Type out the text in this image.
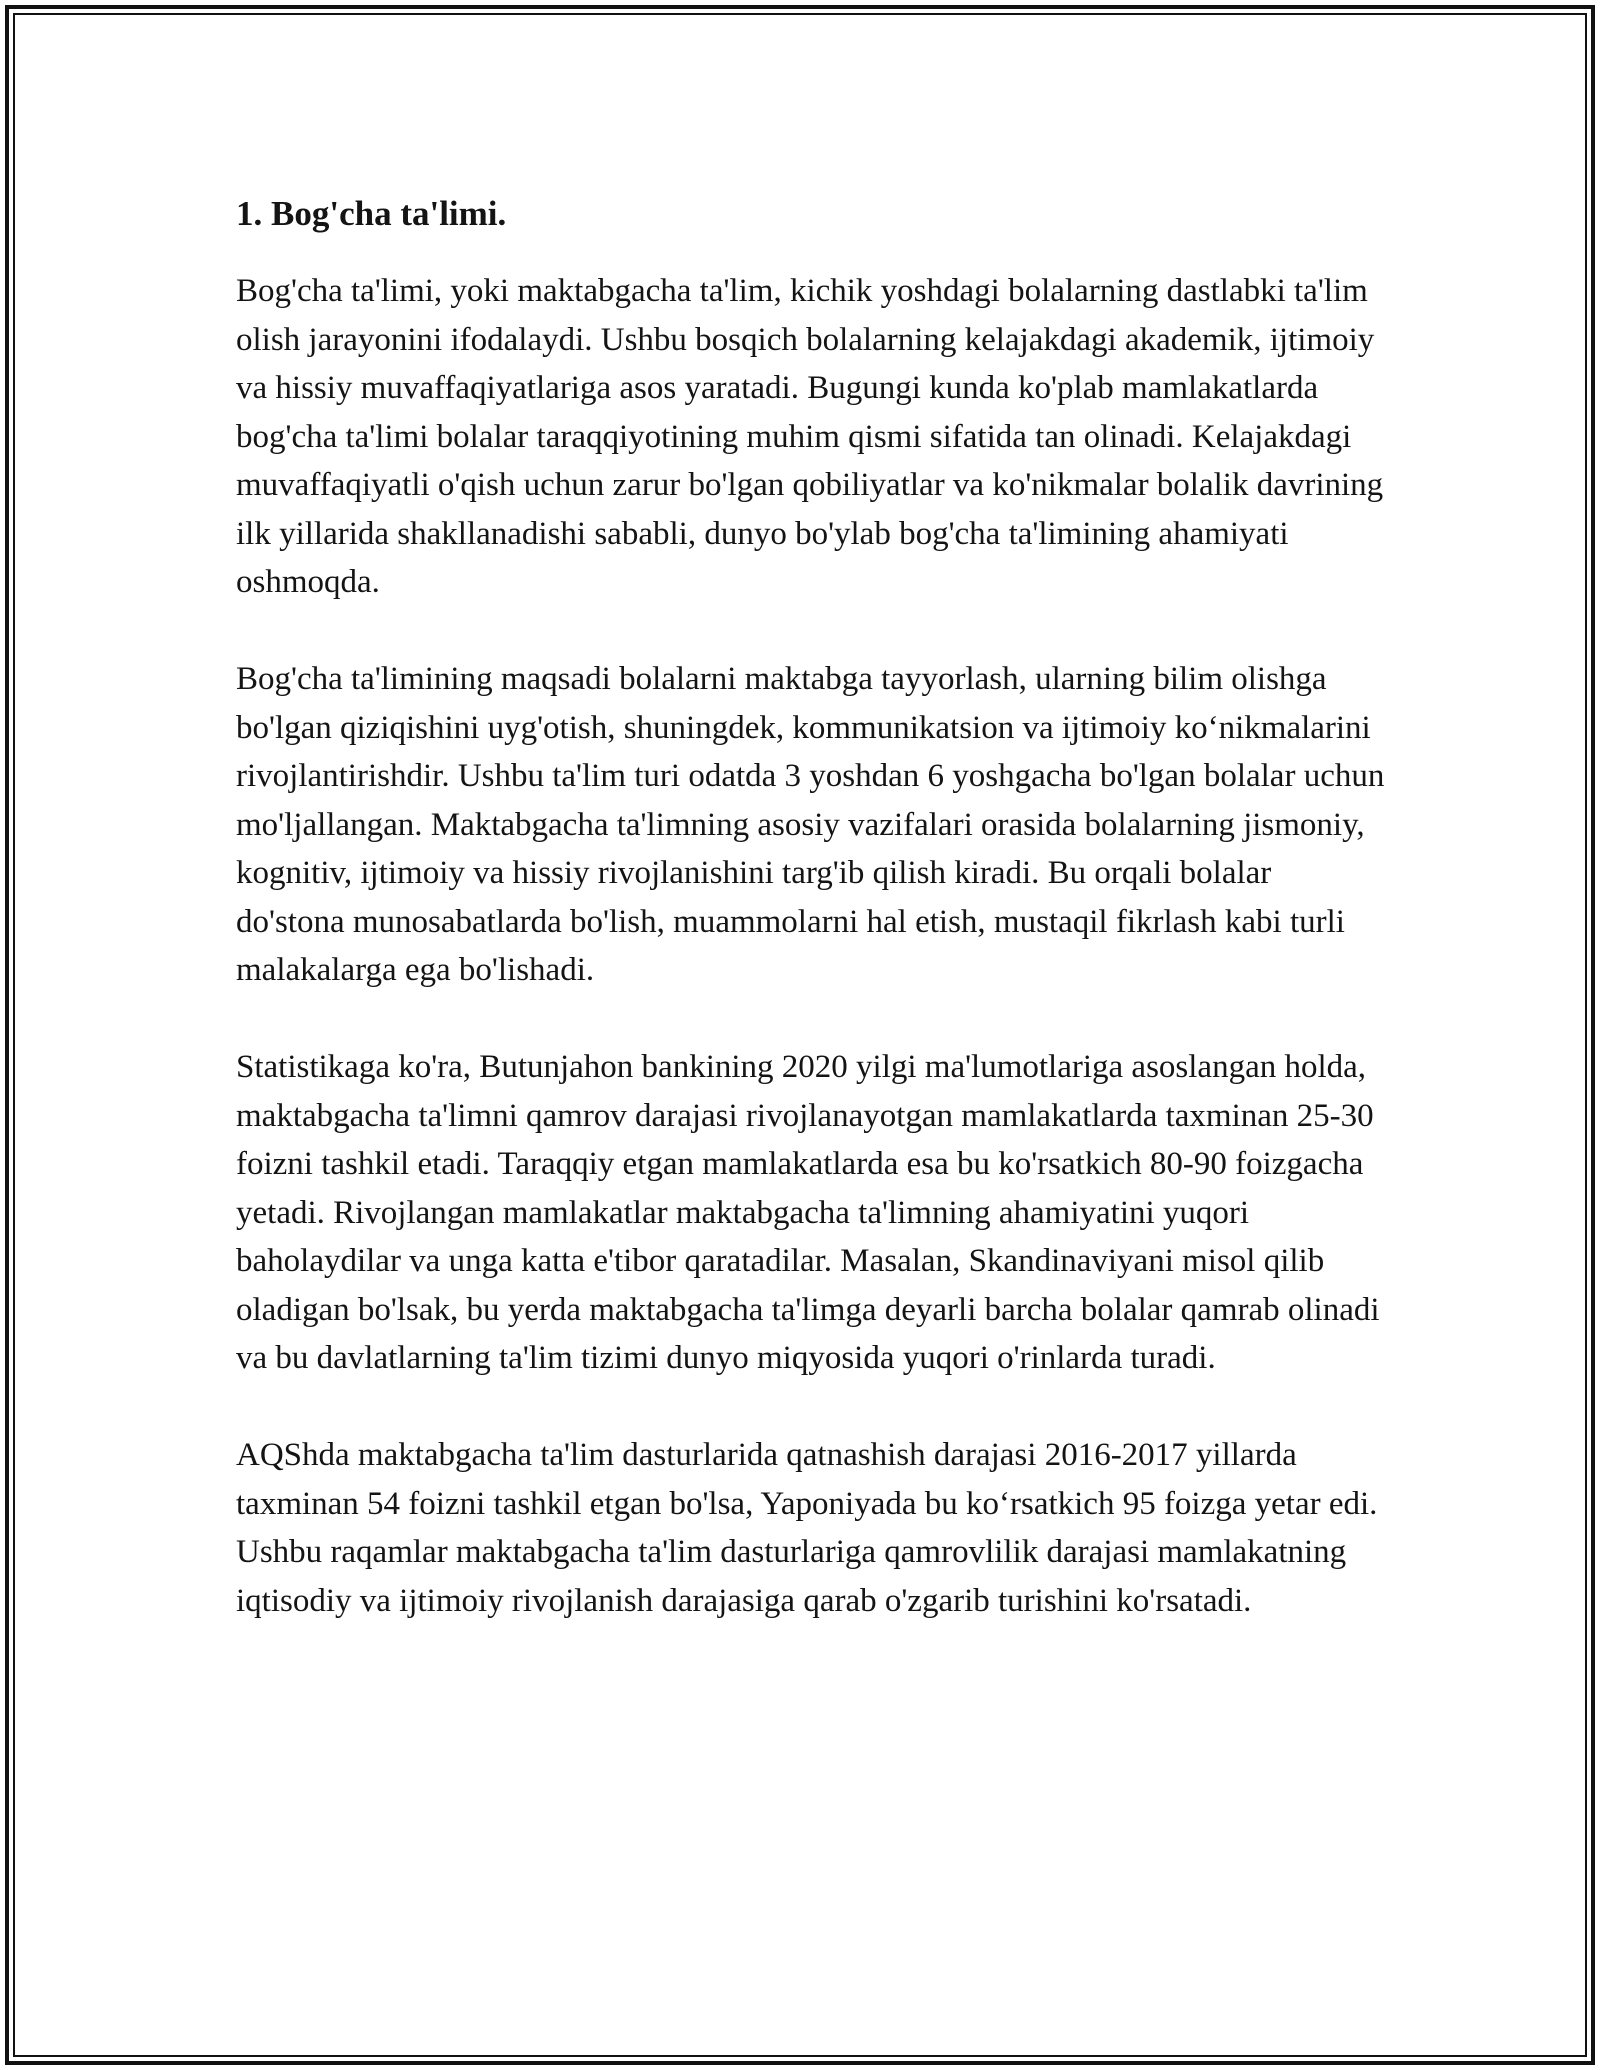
1. Bog'cha ta'limi.

Bog'cha ta'limi, yoki maktabgacha ta'lim, kichik yoshdagi bolalarning dastlabki ta'lim olish jarayonini ifodalaydi. Ushbu bosqich bolalarning kelajakdagi akademik, ijtimoiy va hissiy muvaffaqiyatlariga asos yaratadi. Bugungi kunda ko'plab mamlakatlarda bog'cha ta'limi bolalar taraqqiyotining muhim qismi sifatida tan olinadi. Kelajakdagi muvaffaqiyatli o'qish uchun zarur bo'lgan qobiliyatlar va ko'nikmalar bolalik davrining ilk yillarida shakllanadishi sababli, dunyo bo'ylab bog'cha ta'limining ahamiyati oshmoqda.

Bog'cha ta'limining maqsadi bolalarni maktabga tayyorlash, ularning bilim olishga bo'lgan qiziqishini uyg'otish, shuningdek, kommunikatsion va ijtimoiy ko‘nikmalarini rivojlantirishdir. Ushbu ta'lim turi odatda 3 yoshdan 6 yoshgacha bo'lgan bolalar uchun mo'ljallangan. Maktabgacha ta'limning asosiy vazifalari orasida bolalarning jismoniy, kognitiv, ijtimoiy va hissiy rivojlanishini targ'ib qilish kiradi. Bu orqali bolalar do'stona munosabatlarda bo'lish, muammolarni hal etish, mustaqil fikrlash kabi turli malakalarga ega bo'lishadi.

Statistikaga ko'ra, Butunjahon bankining 2020 yilgi ma'lumotlariga asoslangan holda, maktabgacha ta'limni qamrov darajasi rivojlanayotgan mamlakatlarda taxminan 25-30 foizni tashkil etadi. Taraqqiy etgan mamlakatlarda esa bu ko'rsatkich 80-90 foizgacha yetadi. Rivojlangan mamlakatlar maktabgacha ta'limning ahamiyatini yuqori baholaydilar va unga katta e'tibor qaratadilar. Masalan, Skandinaviyani misol qilib oladigan bo'lsak, bu yerda maktabgacha ta'limga deyarli barcha bolalar qamrab olinadi va bu davlatlarning ta'lim tizimi dunyo miqyosida yuqori o'rinlarda turadi.

AQShda maktabgacha ta'lim dasturlarida qatnashish darajasi 2016-2017 yillarda taxminan 54 foizni tashkil etgan bo'lsa, Yaponiyada bu ko‘rsatkich 95 foizga yetar edi. Ushbu raqamlar maktabgacha ta'lim dasturlariga qamrovlilik darajasi mamlakatning iqtisodiy va ijtimoiy rivojlanish darajasiga qarab o'zgarib turishini ko'rsatadi.
